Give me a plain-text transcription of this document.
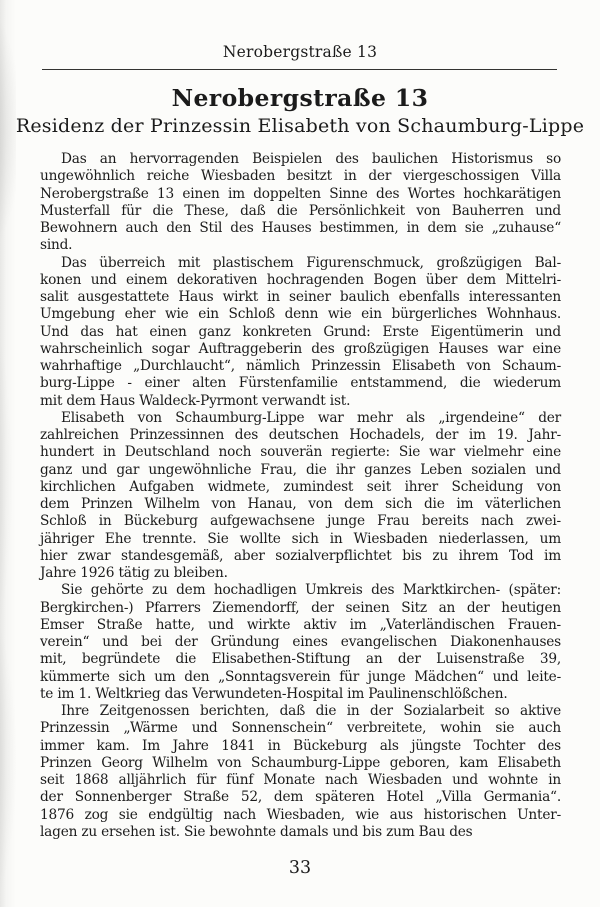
Nerobergstraße 13
Nerobergstraße 13
Residenz der Prinzessin Elisabeth von Schaumburg-Lippe
Das an hervorragenden Beispielen des baulichen Historismus so
ungewöhnlich reiche Wiesbaden besitzt in der viergeschossigen Villa
Nerobergstraße 13 einen im doppelten Sinne des Wortes hochkarätigen
Musterfall für die These, daß die Persönlichkeit von Bauherren und
Bewohnern auch den Stil des Hauses bestimmen, in dem sie „zuhause“
sind.
Das überreich mit plastischem Figurenschmuck, großzügigen Bal-
konen und einem dekorativen hochragenden Bogen über dem Mittelri-
salit ausgestattete Haus wirkt in seiner baulich ebenfalls interessanten
Umgebung eher wie ein Schloß denn wie ein bürgerliches Wohnhaus.
Und das hat einen ganz konkreten Grund: Erste Eigentümerin und
wahrscheinlich sogar Auftraggeberin des großzügigen Hauses war eine
wahrhaftige „Durchlaucht“, nämlich Prinzessin Elisabeth von Schaum-
burg-Lippe - einer alten Fürstenfamilie entstammend, die wiederum
mit dem Haus Waldeck-Pyrmont verwandt ist.
Elisabeth von Schaumburg-Lippe war mehr als „irgendeine“ der
zahlreichen Prinzessinnen des deutschen Hochadels, der im 19. Jahr-
hundert in Deutschland noch souverän regierte: Sie war vielmehr eine
ganz und gar ungewöhnliche Frau, die ihr ganzes Leben sozialen und
kirchlichen Aufgaben widmete, zumindest seit ihrer Scheidung von
dem Prinzen Wilhelm von Hanau, von dem sich die im väterlichen
Schloß in Bückeburg aufgewachsene junge Frau bereits nach zwei-
jähriger Ehe trennte. Sie wollte sich in Wiesbaden niederlassen, um
hier zwar standesgemäß, aber sozialverpflichtet bis zu ihrem Tod im
Jahre 1926 tätig zu bleiben.
Sie gehörte zu dem hochadligen Umkreis des Marktkirchen- (später:
Bergkirchen-) Pfarrers Ziemendorff, der seinen Sitz an der heutigen
Emser Straße hatte, und wirkte aktiv im „Vaterländischen Frauen-
verein“ und bei der Gründung eines evangelischen Diakonenhauses
mit, begründete die Elisabethen-Stiftung an der Luisenstraße 39,
kümmerte sich um den „Sonntagsverein für junge Mädchen“ und leite-
te im 1. Weltkrieg das Verwundeten-Hospital im Paulinenschlößchen.
Ihre Zeitgenossen berichten, daß die in der Sozialarbeit so aktive
Prinzessin „Wärme und Sonnenschein“ verbreitete, wohin sie auch
immer kam. Im Jahre 1841 in Bückeburg als jüngste Tochter des
Prinzen Georg Wilhelm von Schaumburg-Lippe geboren, kam Elisabeth
seit 1868 alljährlich für fünf Monate nach Wiesbaden und wohnte in
der Sonnenberger Straße 52, dem späteren Hotel „Villa Germania“.
1876 zog sie endgültig nach Wiesbaden, wie aus historischen Unter-
lagen zu ersehen ist. Sie bewohnte damals und bis zum Bau des
33
